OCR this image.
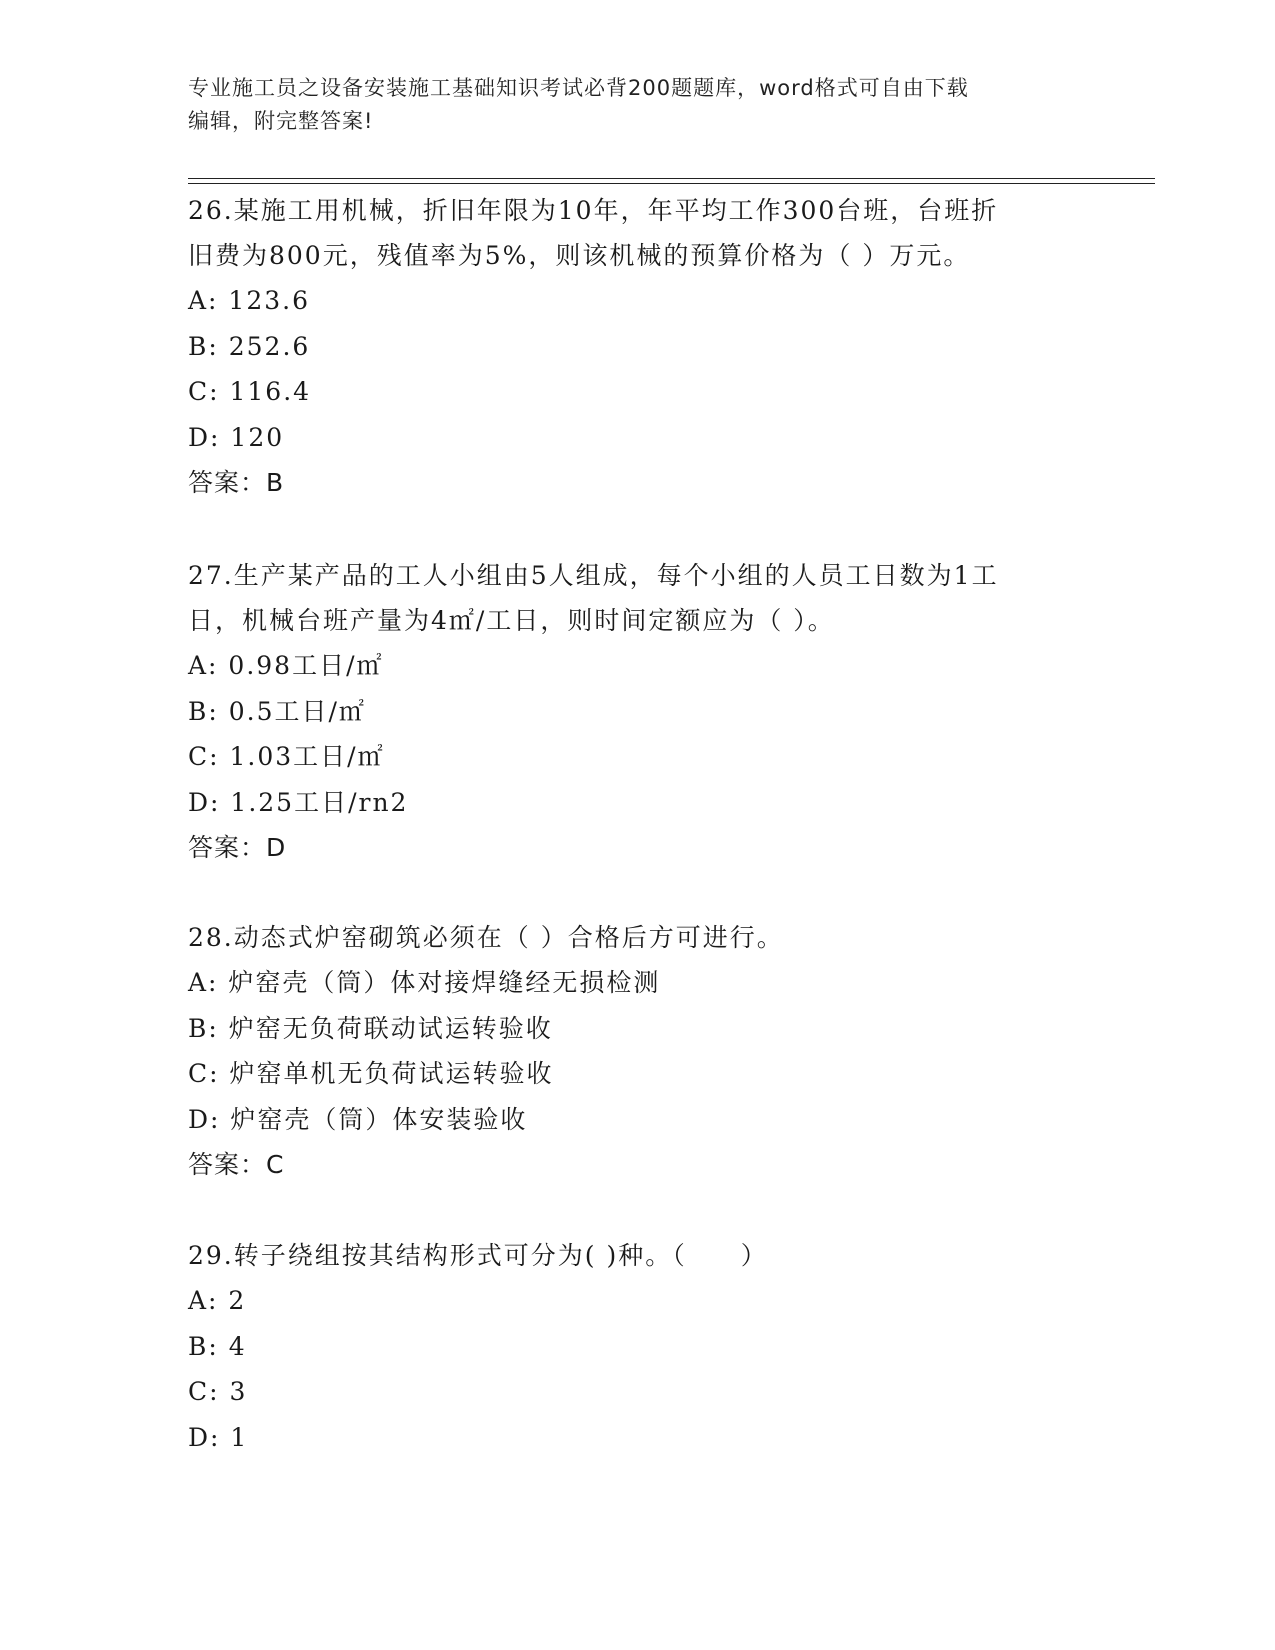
专业施工员之设备安装施工基础知识考试必背200题题库，word格式可自由下载
编辑，附完整答案!
26.某施工用机械，折旧年限为10年，年平均工作300台班，台班折
旧费为800元，残值率为5%，则该机械的预算价格为（ ）万元。
A: 123.6
B: 252.6
C: 116.4
D: 120
答案：B
27.生产某产品的工人小组由5人组成，每个小组的人员工日数为1工
日，机械台班产量为4㎡/工日，则时间定额应为（ ）。
A: 0.98工日/㎡
B: 0.5工日/㎡
C: 1.03工日/㎡
D: 1.25工日/rn2
答案：D
28.动态式炉窑砌筑必须在（ ）合格后方可进行。
A: 炉窑壳（筒）体对接焊缝经无损检测
B: 炉窑无负荷联动试运转验收
C: 炉窑单机无负荷试运转验收
D: 炉窑壳（筒）体安装验收
答案：C
29.转子绕组按其结构形式可分为( )种。（　　）
A: 2
B: 4
C: 3
D: 1
